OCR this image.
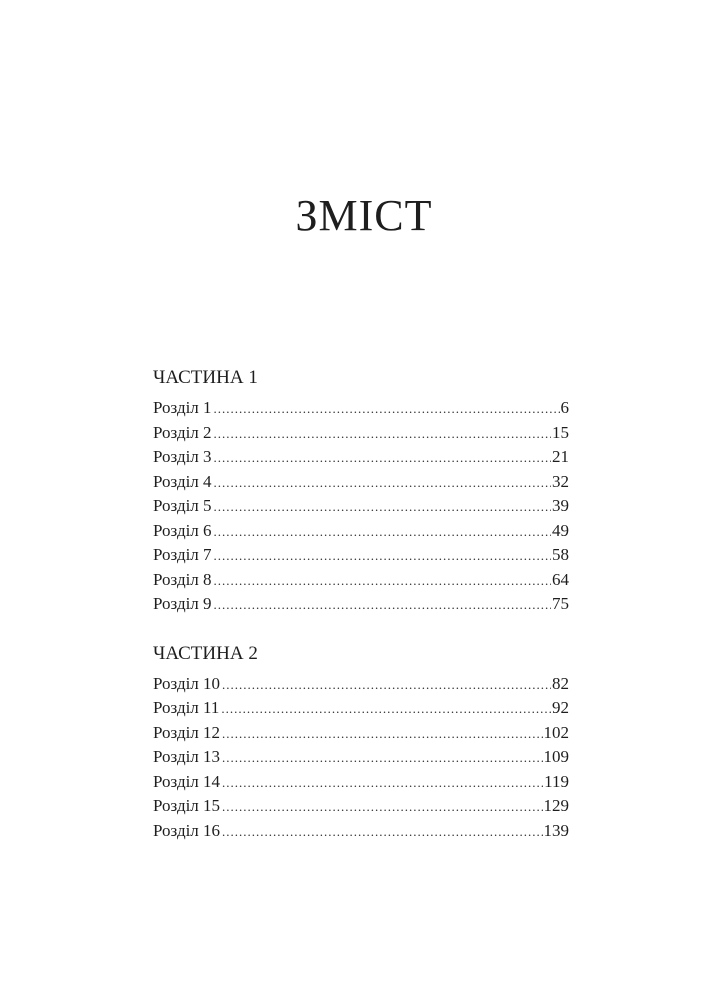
ЗМІСТ
ЧАСТИНА 1
Розділ 1 .....	6
Розділ 2 .....	15
Розділ 3 .....	21
Розділ 4 .....	32
Розділ 5 .....	39
Розділ 6 .....	49
Розділ 7 .....	58
Розділ 8 .....	64
Розділ 9 .....	75
ЧАСТИНА 2
Розділ 10 .....	82
Розділ 11 .....	92
Розділ 12 .....	102
Розділ 13 .....	109
Розділ 14 .....	119
Розділ 15 .....	129
Розділ 16 .....	139
